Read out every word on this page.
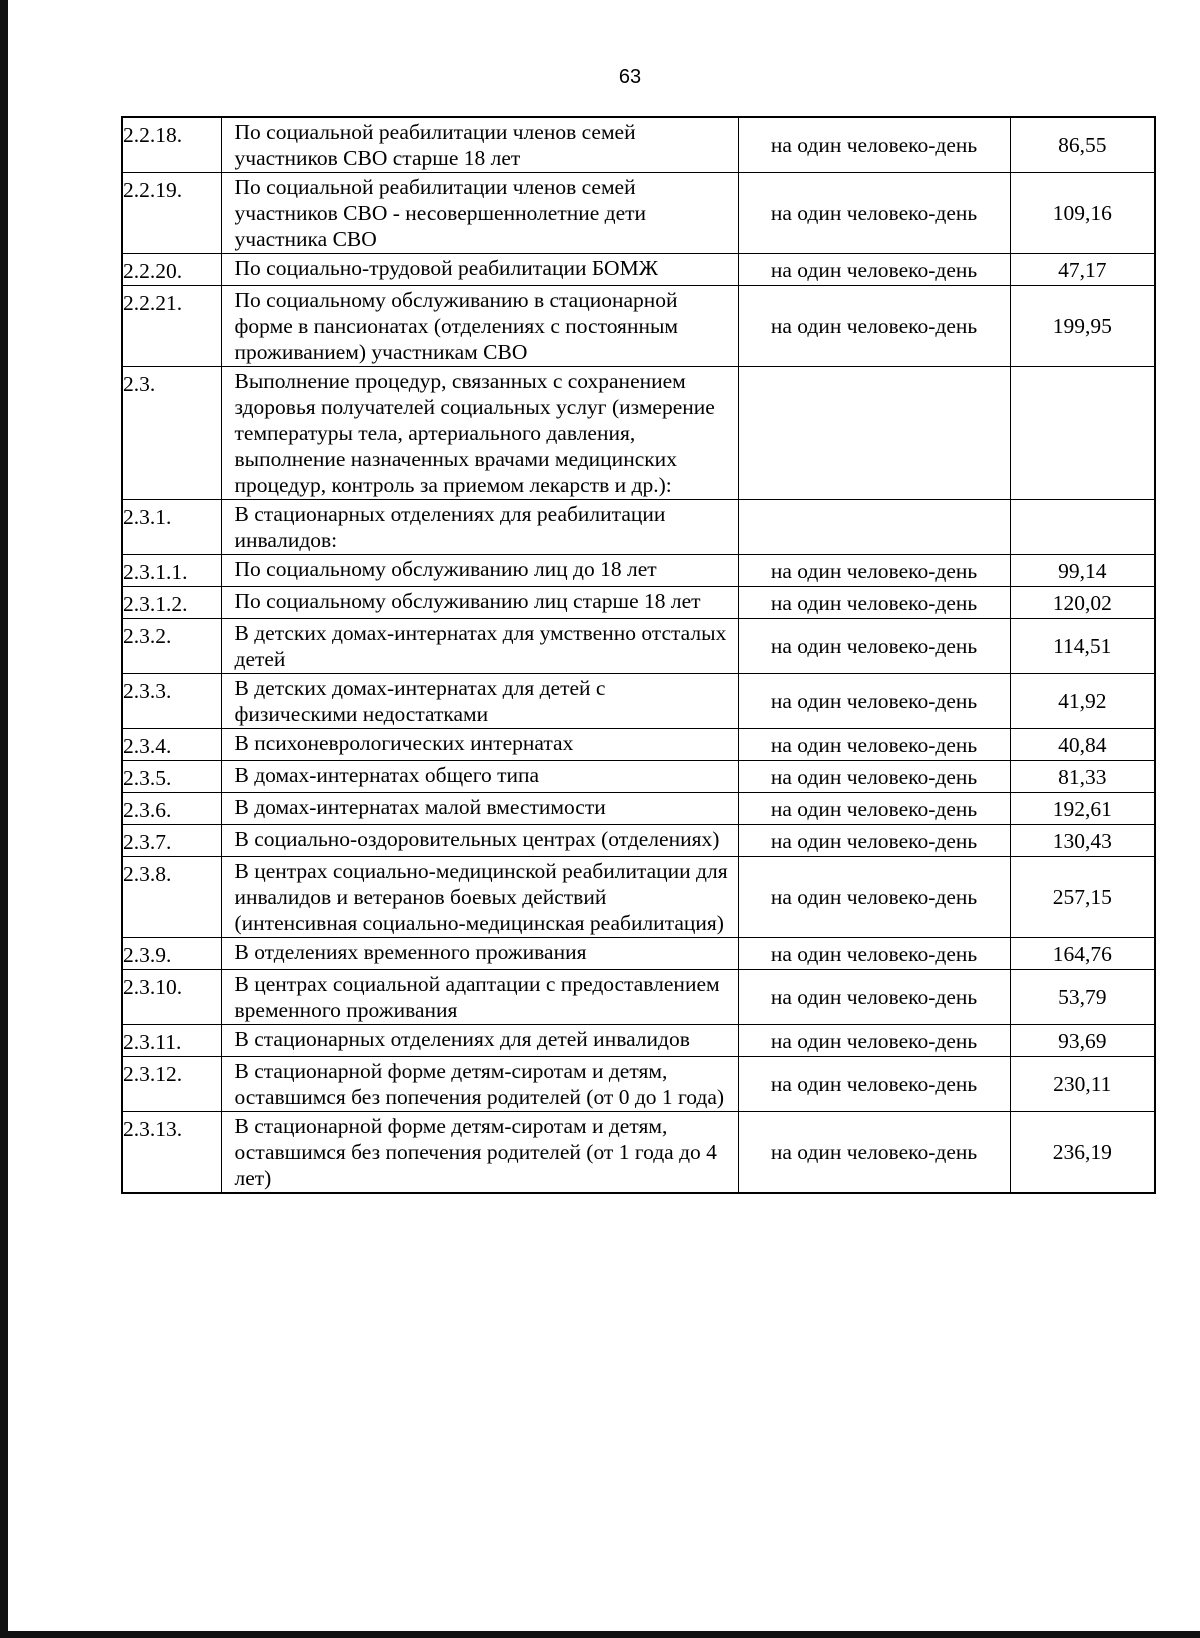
63
2.2.18.	По социальной реабилитации членов семей участников СВО старше 18 лет	на один человеко-день	86,55
2.2.19.	По социальной реабилитации членов семей участников СВО - несовершеннолетние дети участника СВО	на один человеко-день	109,16
2.2.20.	По социально-трудовой реабилитации БОМЖ	на один человеко-день	47,17
2.2.21.	По социальному обслуживанию в стационарной форме в пансионатах (отделениях с постоянным проживанием) участникам СВО	на один человеко-день	199,95
2.3.	Выполнение процедур, связанных с сохранением здоровья получателей социальных услуг (измерение температуры тела, артериального давления, выполнение назначенных врачами медицинских процедур, контроль за приемом лекарств и др.):		
2.3.1.	В стационарных отделениях для реабилитации инвалидов:		
2.3.1.1.	По социальному обслуживанию лиц до 18 лет	на один человеко-день	99,14
2.3.1.2.	По социальному обслуживанию лиц старше 18 лет	на один человеко-день	120,02
2.3.2.	В детских домах-интернатах для умственно отсталых детей	на один человеко-день	114,51
2.3.3.	В детских домах-интернатах для детей с физическими недостатками	на один человеко-день	41,92
2.3.4.	В психоневрологических интернатах	на один человеко-день	40,84
2.3.5.	В домах-интернатах общего типа	на один человеко-день	81,33
2.3.6.	В домах-интернатах малой вместимости	на один человеко-день	192,61
2.3.7.	В социально-оздоровительных центрах (отделениях)	на один человеко-день	130,43
2.3.8.	В центрах социально-медицинской реабилитации для инвалидов и ветеранов боевых действий (интенсивная социально-медицинская реабилитация)	на один человеко-день	257,15
2.3.9.	В отделениях временного проживания	на один человеко-день	164,76
2.3.10.	В центрах социальной адаптации с предоставлением временного проживания	на один человеко-день	53,79
2.3.11.	В стационарных отделениях для детей инвалидов	на один человеко-день	93,69
2.3.12.	В стационарной форме детям-сиротам и детям, оставшимся без попечения родителей (от 0 до 1 года)	на один человеко-день	230,11
2.3.13.	В стационарной форме детям-сиротам и детям, оставшимся без попечения родителей (от 1 года до 4 лет)	на один человеко-день	236,19
